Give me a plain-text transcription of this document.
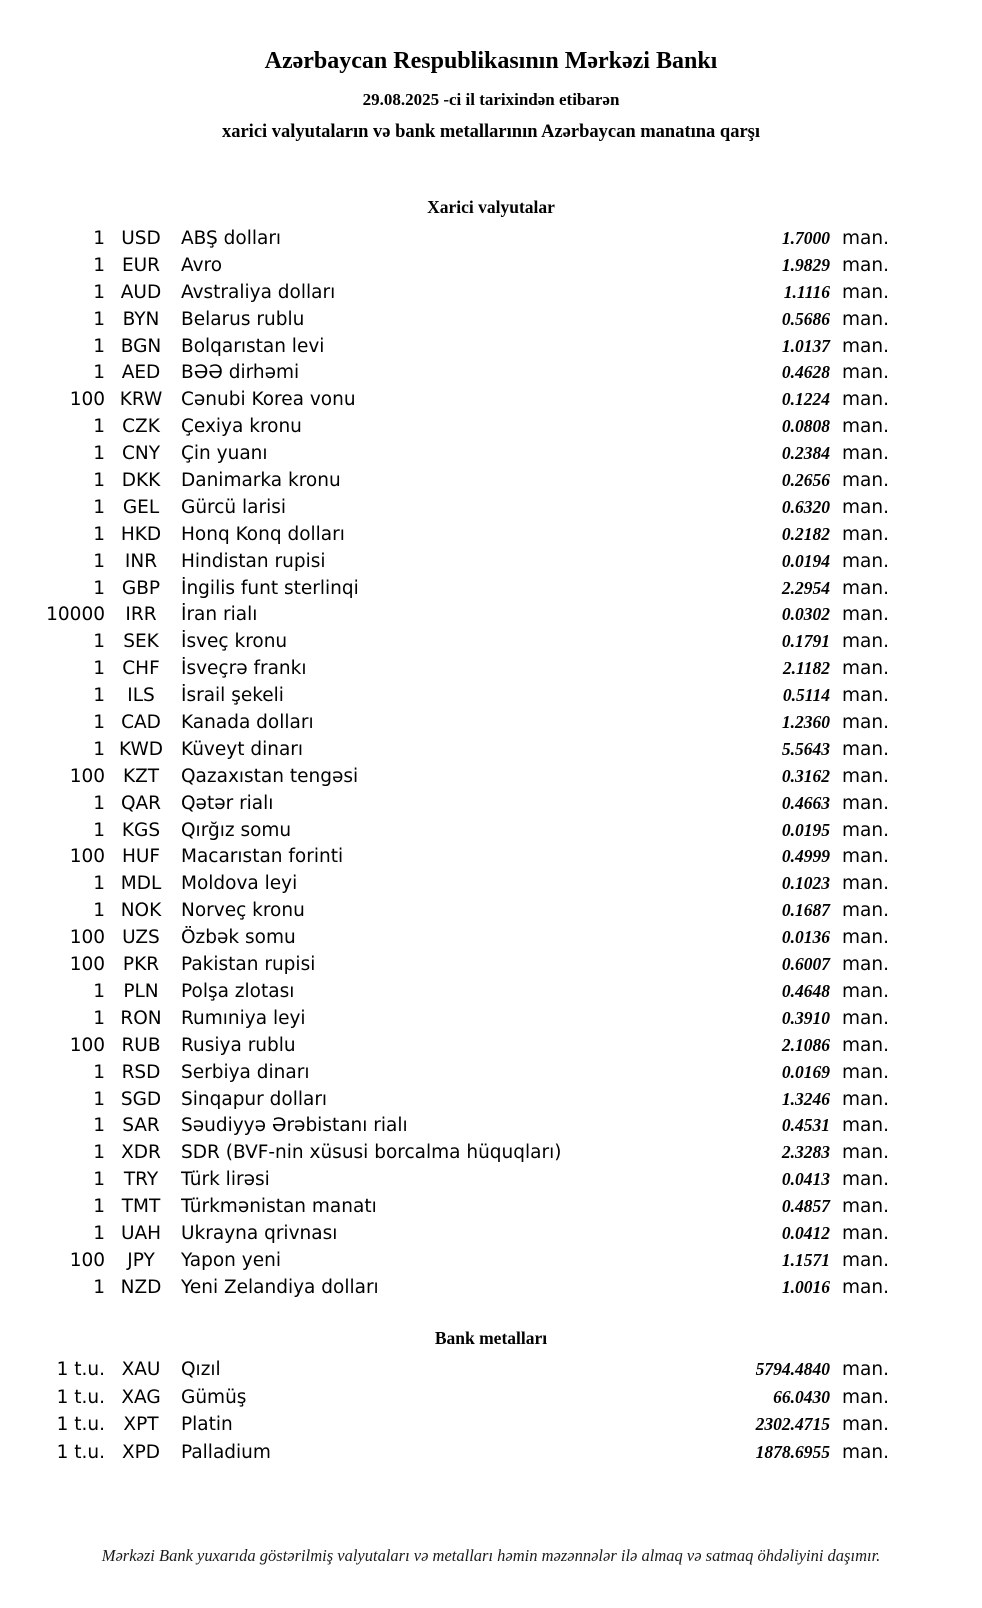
Azərbaycan Respublikasının Mərkəzi Bankı
29.08.2025 -ci il tarixindən etibarən
xarici valyutaların və bank metallarının Azərbaycan manatına qarşı
Xarici valyutalar
1 USD	ABŞ dolları	1.7000 man.
1 EUR	Avro	1.9829 man.
1 AUD	Avstraliya dolları	1.1116 man.
1 BYN	Belarus rublu	0.5686 man.
1 BGN	Bolqarıstan levi	1.0137 man.
1 AED	BƏƏ dirhəmi	0.4628 man.
100 KRW	Cənubi Korea vonu	0.1224 man.
1 CZK	Çexiya kronu	0.0808 man.
1 CNY	Çin yuanı	0.2384 man.
1 DKK	Danimarka kronu	0.2656 man.
1 GEL	Gürcü larisi	0.6320 man.
1 HKD	Honq Konq dolları	0.2182 man.
1	INR	Hindistan rupisi	0.0194 man.
1 GBP	İngilis funt sterlinqi	2.2954 man.
10000	IRR	İran rialı	0.0302 man.
1 SEK	İsveç kronu	0.1791 man.
1 CHF	İsveçrə frankı	2.1182 man.
1	ILS	İsrail şekeli	0.5114 man.
1 CAD	Kanada dolları	1.2360 man.
1 KWD Küveyt dinarı	5.5643 man.
100 KZT	Qazaxıstan tengəsi	0.3162 man.
1 QAR	Qətər rialı	0.4663 man.
1 KGS	Qırğız somu	0.0195 man.
100 HUF	Macarıstan forinti	0.4999 man.
1 MDL	Moldova leyi	0.1023 man.
1 NOK	Norveç kronu	0.1687 man.
100 UZS	Özbək somu	0.0136 man.
100 PKR	Pakistan rupisi	0.6007 man.
1 PLN	Polşa zlotası	0.4648 man.
1 RON	Rumıniya leyi	0.3910 man.
100 RUB	Rusiya rublu	2.1086 man.
1 RSD	Serbiya dinarı	0.0169 man.
1 SGD	Sinqapur dolları	1.3246 man.
1 SAR	Səudiyyə Ərəbistanı rialı	0.4531 man.
1 XDR	SDR (BVF-nin xüsusi borcalma hüquqları)	2.3283 man.
1	TRY	Türk lirəsi	0.0413 man.
1 TMT	Türkmənistan manatı	0.4857 man.
1 UAH	Ukrayna qrivnası	0.0412 man.
100	JPY	Yapon yeni	1.1571 man.
1 NZD	Yeni Zelandiya dolları	1.0016 man.
Bank metalları
1 t.u. XAU	Qızıl	5794.4840 man.
1 t.u. XAG	Gümüş	66.0430 man.
1 t.u. XPT	Platin	2302.4715 man.
1 t.u. XPD	Palladium	1878.6955 man.
Mərkəzi Bank yuxarıda göstərilmiş valyutaları və metalları həmin məzənnələr ilə almaq və satmaq öhdəliyini daşımır.
